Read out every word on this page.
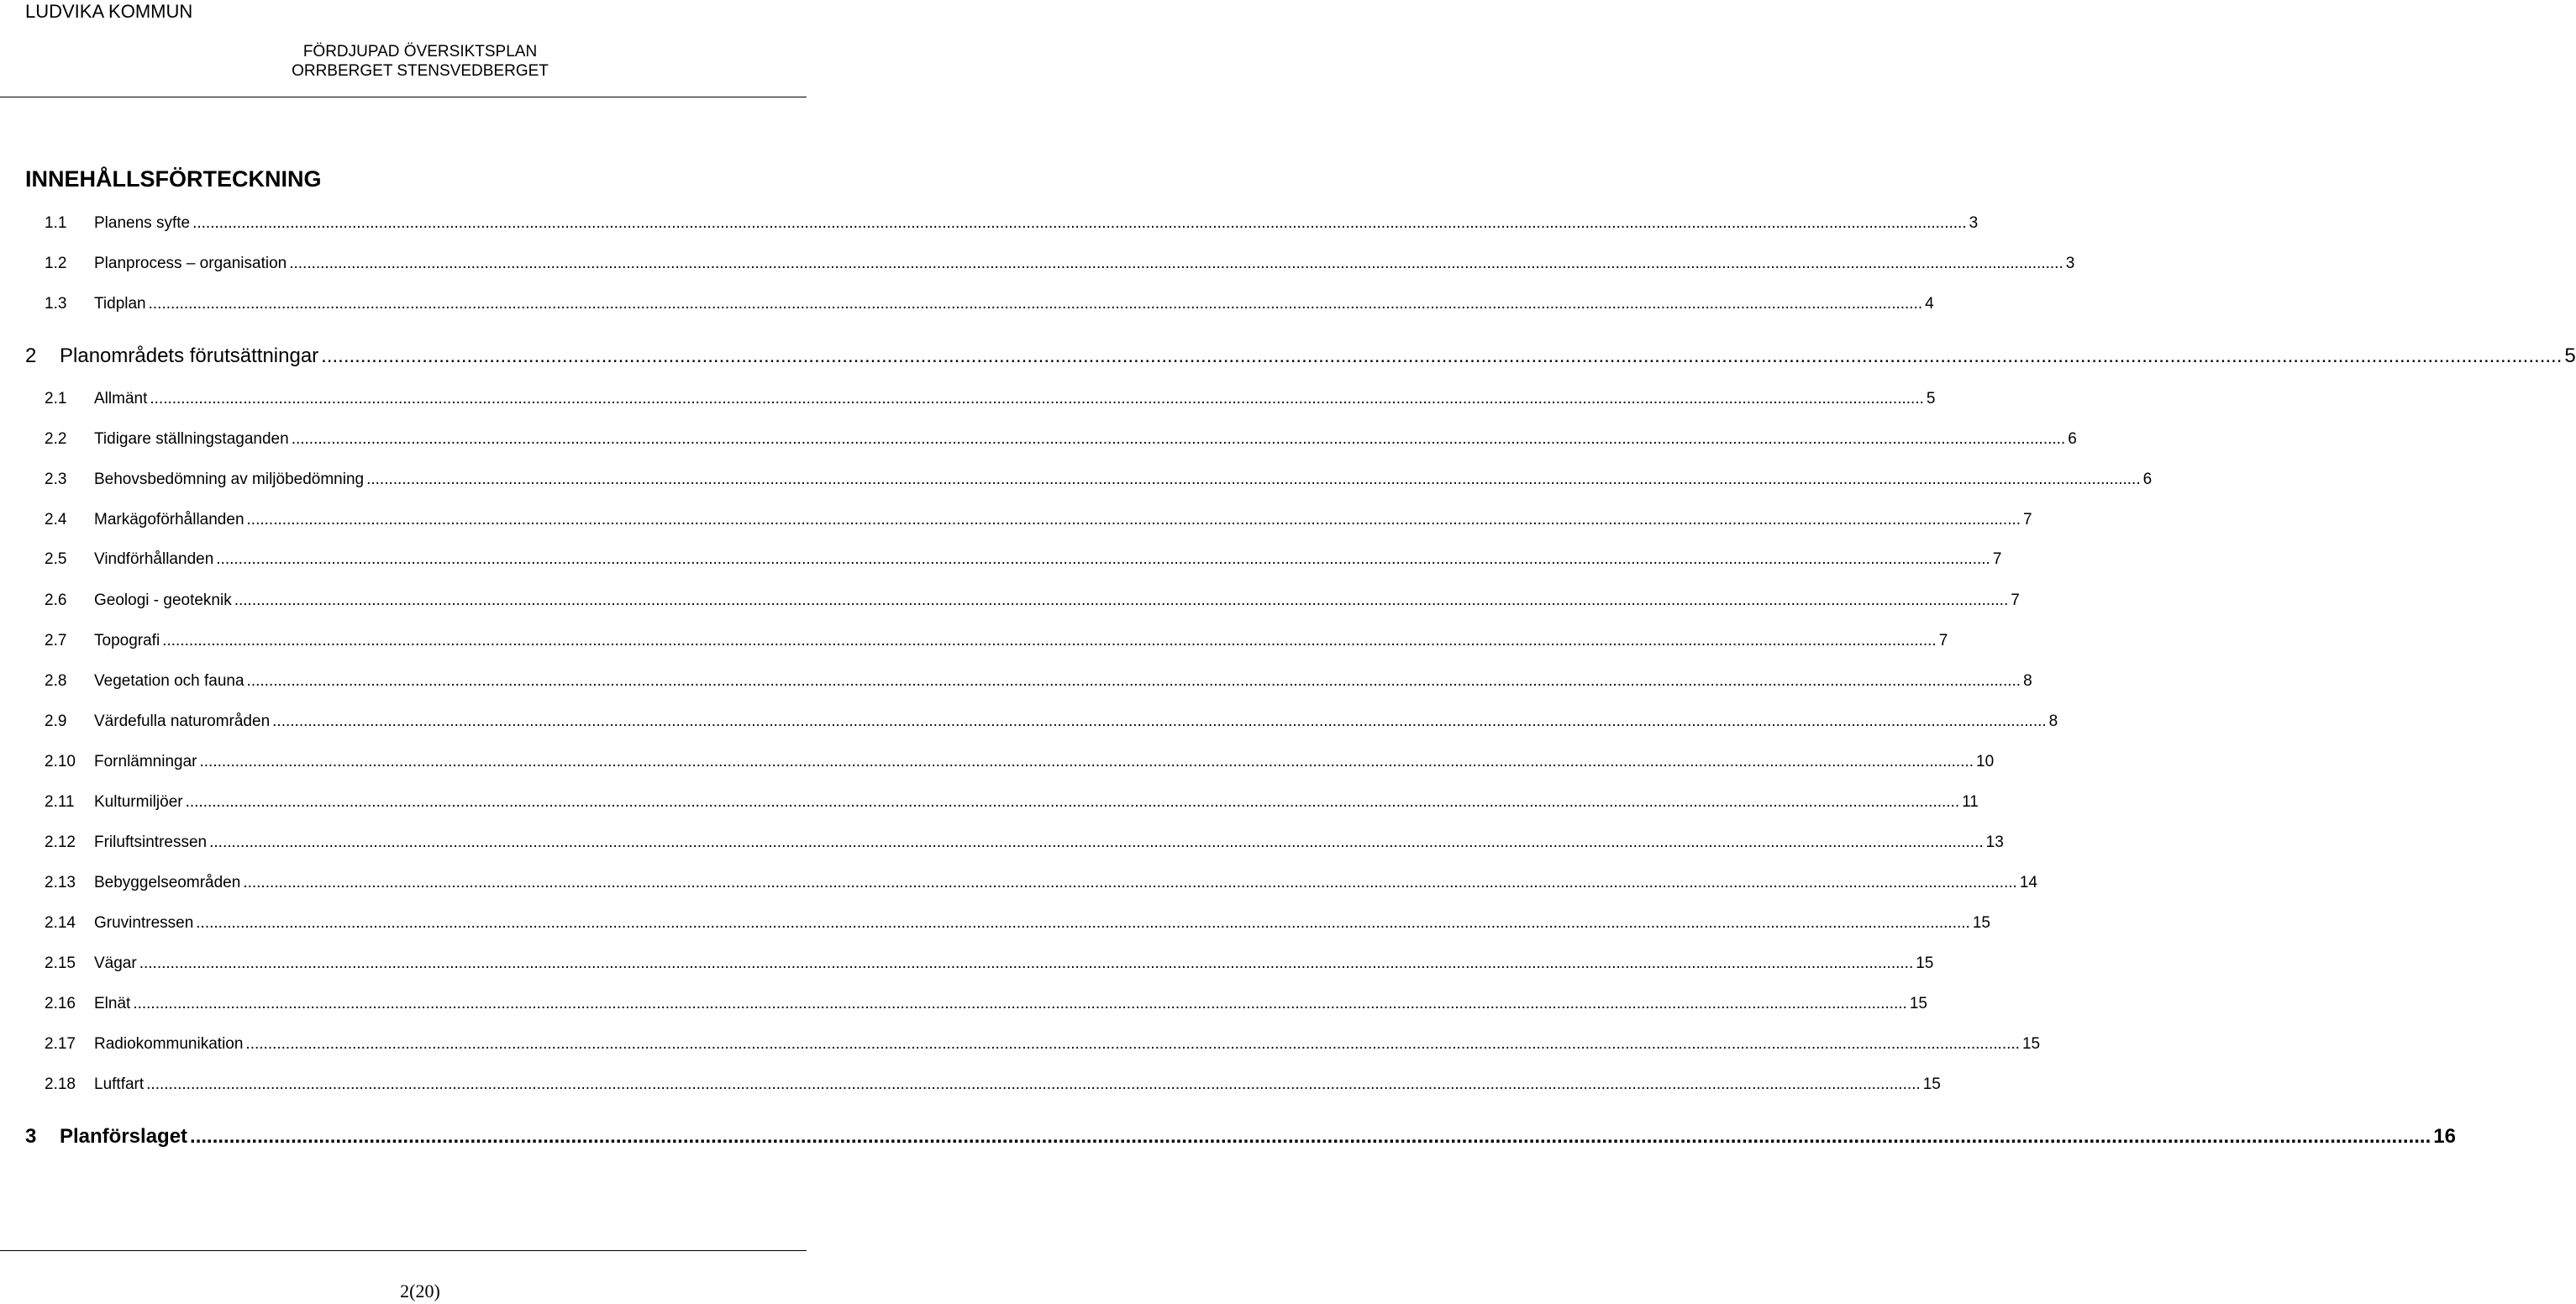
LUDVIKA KOMMUN
FÖRDJUPAD ÖVERSIKTSPLAN
ORRBERGET STENSVEDBERGET
INNEHÅLLSFÖRTECKNING
1.1	Planens syfte ................................................................................................................................................................................................................................................................................................................................................................................................................ 3
1.2	Planprocess – organisation ................................................................................................................................................................................................................................................................................................................................................................................................................ 3
1.3	Tidplan ................................................................................................................................................................................................................................................................................................................................................................................................................ 4
2	Planområdets förutsättningar ................................................................................................................................................................................................................................................................................................................................................................................................................ 5
2.1	Allmänt ................................................................................................................................................................................................................................................................................................................................................................................................................ 5
2.2	Tidigare ställningstaganden ................................................................................................................................................................................................................................................................................................................................................................................................................ 6
2.3	Behovsbedömning av miljöbedömning ................................................................................................................................................................................................................................................................................................................................................................................................................ 6
2.4	Markägoförhållanden ................................................................................................................................................................................................................................................................................................................................................................................................................ 7
2.5	Vindförhållanden ................................................................................................................................................................................................................................................................................................................................................................................................................ 7
2.6	Geologi - geoteknik ................................................................................................................................................................................................................................................................................................................................................................................................................ 7
2.7	Topografi ................................................................................................................................................................................................................................................................................................................................................................................................................ 7
2.8	Vegetation och fauna ................................................................................................................................................................................................................................................................................................................................................................................................................ 8
2.9	Värdefulla naturområden ................................................................................................................................................................................................................................................................................................................................................................................................................ 8
2.10	Fornlämningar ................................................................................................................................................................................................................................................................................................................................................................................................................ 10
2.11	Kulturmiljöer ................................................................................................................................................................................................................................................................................................................................................................................................................ 11
2.12	Friluftsintressen ................................................................................................................................................................................................................................................................................................................................................................................................................ 13
2.13	Bebyggelseområden ................................................................................................................................................................................................................................................................................................................................................................................................................ 14
2.14	Gruvintressen ................................................................................................................................................................................................................................................................................................................................................................................................................ 15
2.15	Vägar ................................................................................................................................................................................................................................................................................................................................................................................................................ 15
2.16	Elnät ................................................................................................................................................................................................................................................................................................................................................................................................................ 15
2.17	Radiokommunikation ................................................................................................................................................................................................................................................................................................................................................................................................................ 15
2.18	Luftfart ................................................................................................................................................................................................................................................................................................................................................................................................................ 15
3	Planförslaget ................................................................................................................................................................................................................................................................................................................................................................................................................ 16
2(20)
